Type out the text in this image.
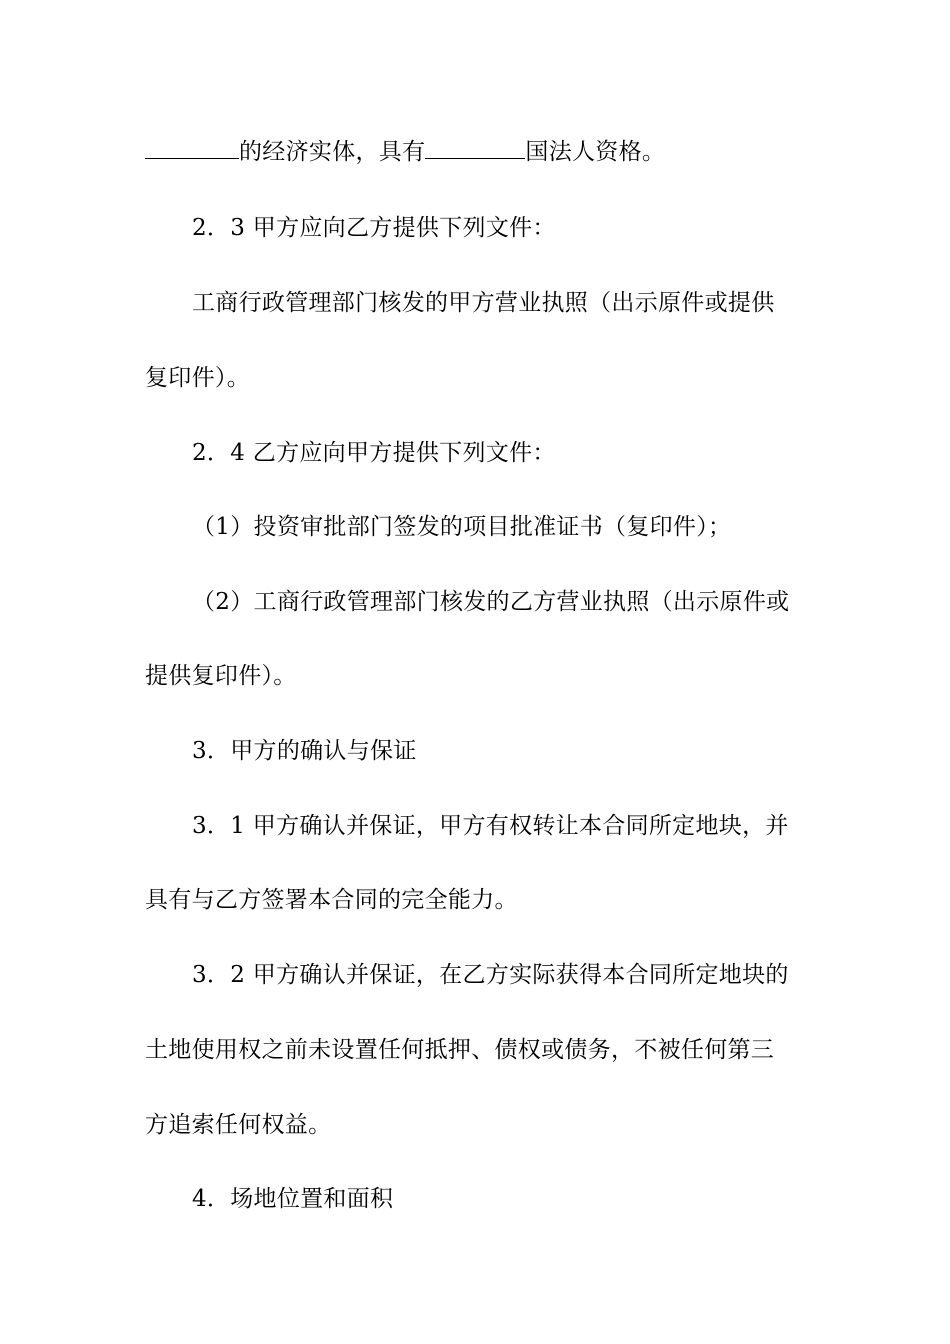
的经济实体，具有	国法人资格。
2．3 甲方应向乙方提供下列文件：
工商行政管理部门核发的甲方营业执照（出示原件或提供
复印件）。
2．4 乙方应向甲方提供下列文件：
（1）投资审批部门签发的项目批准证书（复印件）；
（2）工商行政管理部门核发的乙方营业执照（出示原件或
提供复印件）。
3．甲方的确认与保证
3．1 甲方确认并保证，甲方有权转让本合同所定地块，并
具有与乙方签署本合同的完全能力。
3．2 甲方确认并保证，在乙方实际获得本合同所定地块的
土地使用权之前未设置任何抵押、债权或债务，不被任何第三
方追索任何权益。
4．场地位置和面积
